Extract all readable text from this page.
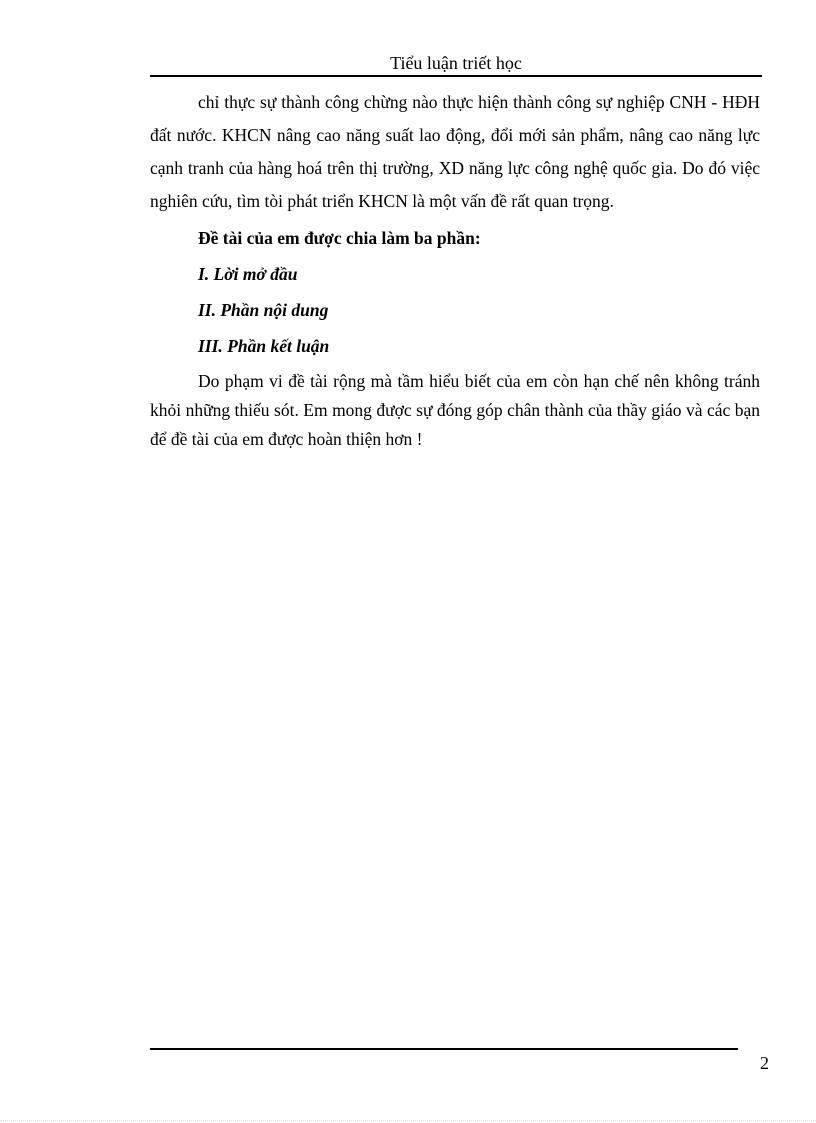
Tiểu luận triết học

chỉ thực sự thành công chừng nào thực hiện thành công sự nghiệp CNH - HĐH đất nước. KHCN nâng cao năng suất lao động, đổi mới sản phẩm, nâng cao năng lực cạnh tranh của hàng hoá trên thị trường, XD năng lực công nghệ quốc gia. Do đó việc nghiên cứu, tìm tòi phát triển KHCN là một vấn đề rất quan trọng.

Đề tài của em được chia làm ba phần:

I. Lời mở đầu

II. Phần nội dung

III. Phần kết luận

Do phạm vi đề tài rộng mà tầm hiểu biết của em còn hạn chế nên không tránh khỏi những thiếu sót. Em mong được sự đóng góp chân thành của thầy giáo và các bạn để đề tài của em được hoàn thiện hơn !

2
